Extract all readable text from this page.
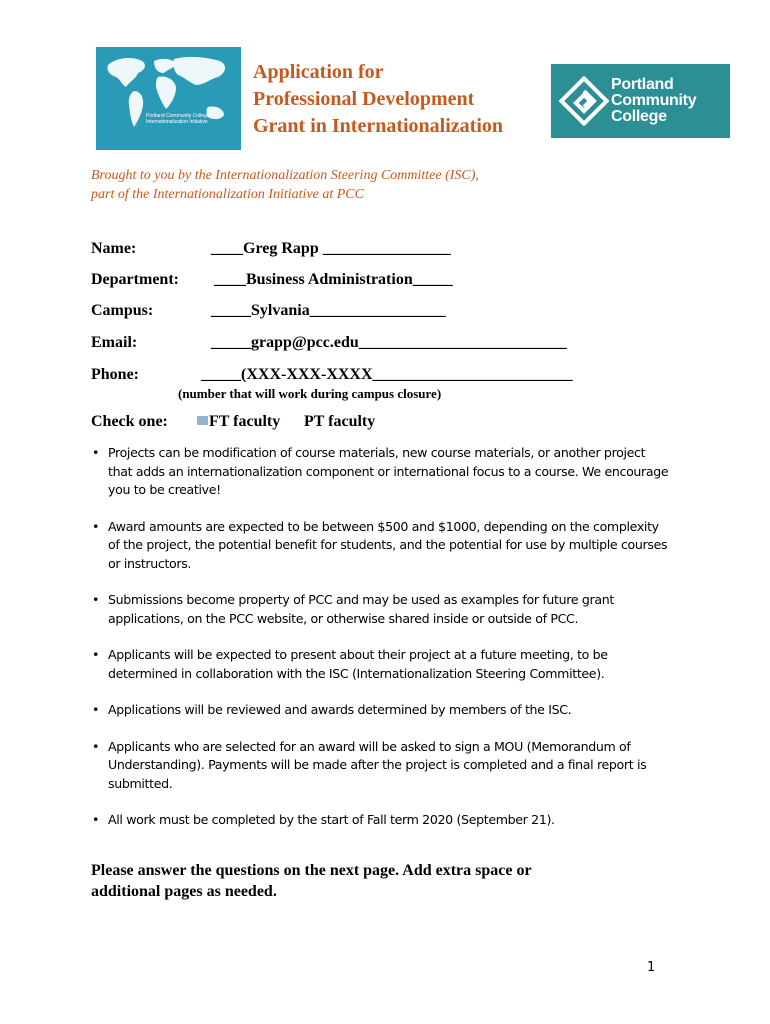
Portland Community College
Internationalization Initiative
Application for
Professional Development
Grant in Internationalization
Portland
Community
College
Brought to you by the Internationalization Steering Committee (ISC),
part of the Internationalization Initiative at PCC
Name:	____Greg Rapp ________________
Department: ____Business Administration_____
Campus:	_____Sylvania_________________
Email:	_____grapp@pcc.edu__________________________
Phone:	_____(XXX-XXX-XXXX_________________________
(number that will work during campus closure)
Check one:	FT faculty PT faculty
• Projects can be modification of course materials, new course materials, or another project that adds an internationalization component or international focus to a course. We encourage you to be creative!
• Award amounts are expected to be between $500 and $1000, depending on the complexity of the project, the potential benefit for students, and the potential for use by multiple courses or instructors.
• Submissions become property of PCC and may be used as examples for future grant applications, on the PCC website, or otherwise shared inside or outside of PCC.
• Applicants will be expected to present about their project at a future meeting, to be determined in collaboration with the ISC (Internationalization Steering Committee).
• Applications will be reviewed and awards determined by members of the ISC.
• Applicants who are selected for an award will be asked to sign a MOU (Memorandum of Understanding). Payments will be made after the project is completed and a final report is submitted.
• All work must be completed by the start of Fall term 2020 (September 21).
Please answer the questions on the next page. Add extra space or
additional pages as needed.
1
